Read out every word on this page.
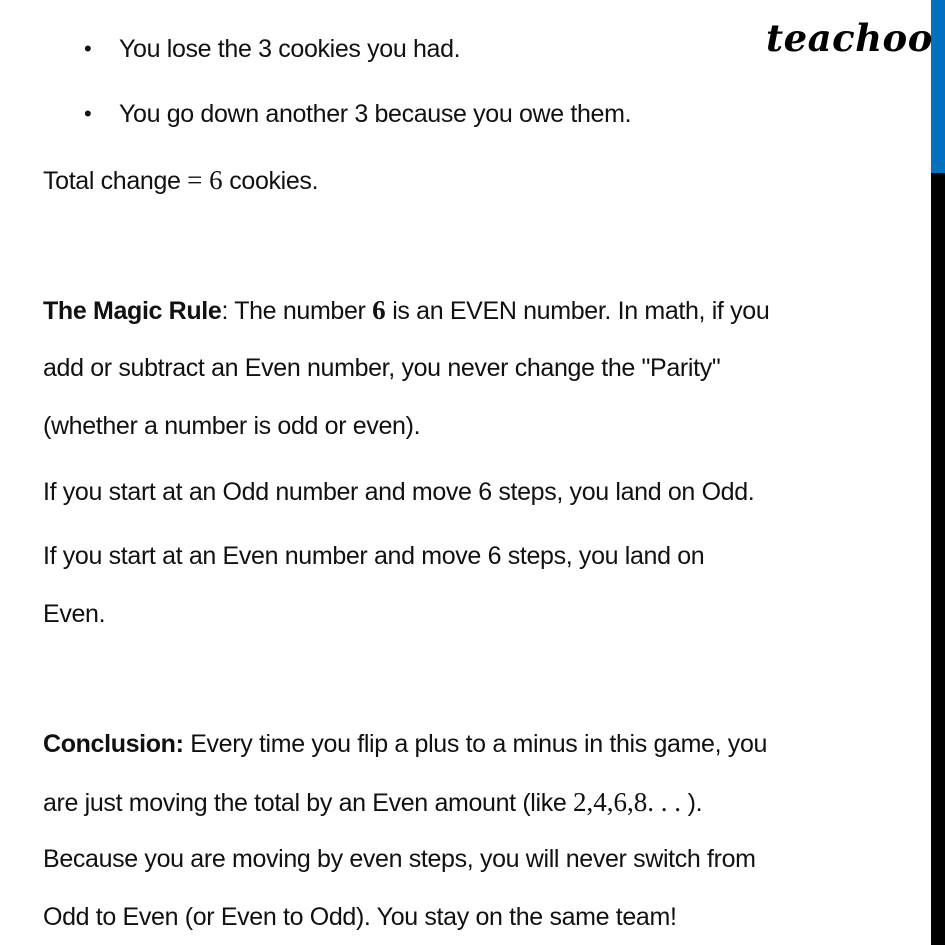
teachoo
• You lose the 3 cookies you had.
• You go down another 3 because you owe them.
Total change = 6 cookies.
The Magic Rule: The number 6 is an EVEN number. In math, if you
add or subtract an Even number, you never change the "Parity"
(whether a number is odd or even).
If you start at an Odd number and move 6 steps, you land on Odd.
If you start at an Even number and move 6 steps, you land on
Even.
Conclusion: Every time you flip a plus to a minus in this game, you
are just moving the total by an Even amount (like 2,4,6,8. . . ).
Because you are moving by even steps, you will never switch from
Odd to Even (or Even to Odd). You stay on the same team!
